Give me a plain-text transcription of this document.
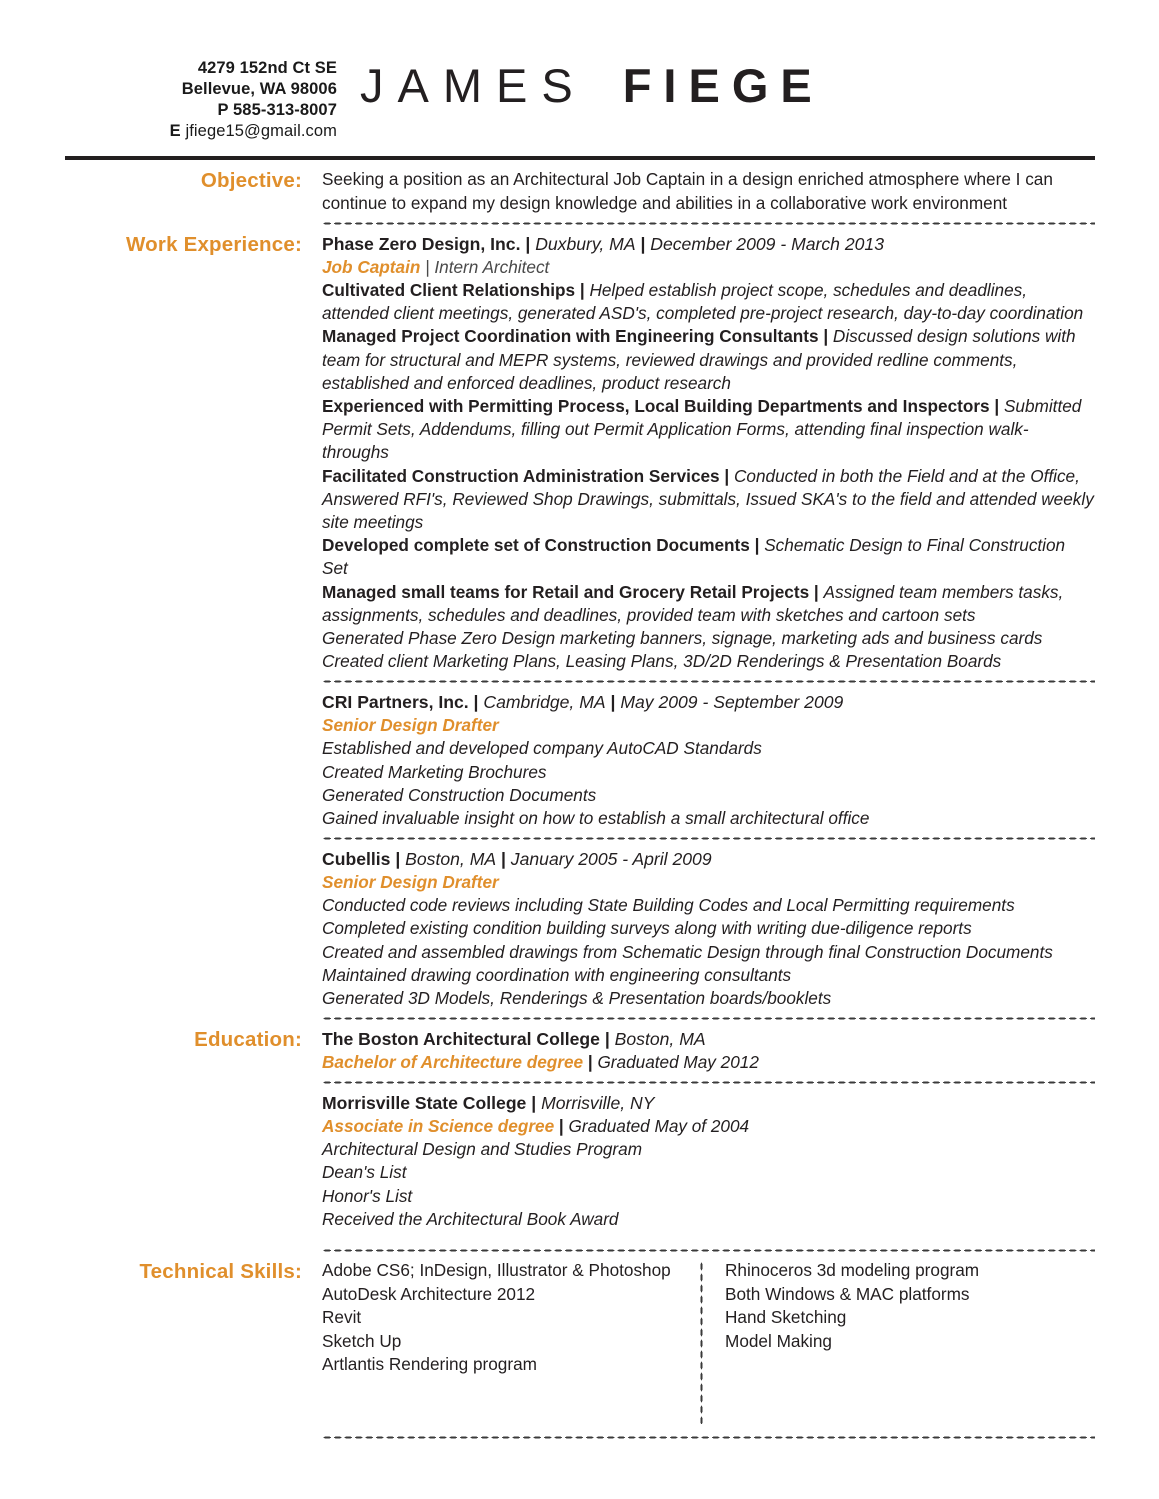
4279 152nd Ct SE
Bellevue, WA 98006
P 585-313-8007
E jfiege15@gmail.com
JAMES FIEGE
Objective: Seeking a position as an Architectural Job Captain in a design enriched atmosphere where I can continue to expand my design knowledge and abilities in a collaborative work environment
Work Experience: Phase Zero Design, Inc. | Duxbury, MA | December 2009 - March 2013
Job Captain | Intern Architect
Cultivated Client Relationships | Helped establish project scope, schedules and deadlines, attended client meetings, generated ASD's, completed pre-project research, day-to-day coordination
Managed Project Coordination with Engineering Consultants | Discussed design solutions with team for structural and MEPR systems, reviewed drawings and provided redline comments, established and enforced deadlines, product research
Experienced with Permitting Process, Local Building Departments and Inspectors | Submitted Permit Sets, Addendums, filling out Permit Application Forms, attending final inspection walk-throughs
Facilitated Construction Administration Services | Conducted in both the Field and at the Office, Answered RFI's, Reviewed Shop Drawings, submittals, Issued SKA's to the field and attended weekly site meetings
Developed complete set of Construction Documents | Schematic Design to Final Construction Set
Managed small teams for Retail and Grocery Retail Projects | Assigned team members tasks, assignments, schedules and deadlines, provided team with sketches and cartoon sets
Generated Phase Zero Design marketing banners, signage, marketing ads and business cards
Created client Marketing Plans, Leasing Plans, 3D/2D Renderings & Presentation Boards
CRI Partners, Inc. | Cambridge, MA | May 2009 - September 2009
Senior Design Drafter
Established and developed company AutoCAD Standards
Created Marketing Brochures
Generated Construction Documents
Gained invaluable insight on how to establish a small architectural office
Cubellis | Boston, MA | January 2005 - April 2009
Senior Design Drafter
Conducted code reviews including State Building Codes and Local Permitting requirements
Completed existing condition building surveys along with writing due-diligence reports
Created and assembled drawings from Schematic Design through final Construction Documents
Maintained drawing coordination with engineering consultants
Generated 3D Models, Renderings & Presentation boards/booklets
Education: The Boston Architectural College | Boston, MA
Bachelor of Architecture degree | Graduated May 2012
Morrisville State College | Morrisville, NY
Associate in Science degree | Graduated May of 2004
Architectural Design and Studies Program
Dean's List
Honor's List
Received the Architectural Book Award
Technical Skills: Adobe CS6; InDesign, Illustrator & Photoshop
AutoDesk Architecture 2012
Revit
Sketch Up
Artlantis Rendering program

Rhinoceros 3d modeling program
Both Windows & MAC platforms
Hand Sketching
Model Making
